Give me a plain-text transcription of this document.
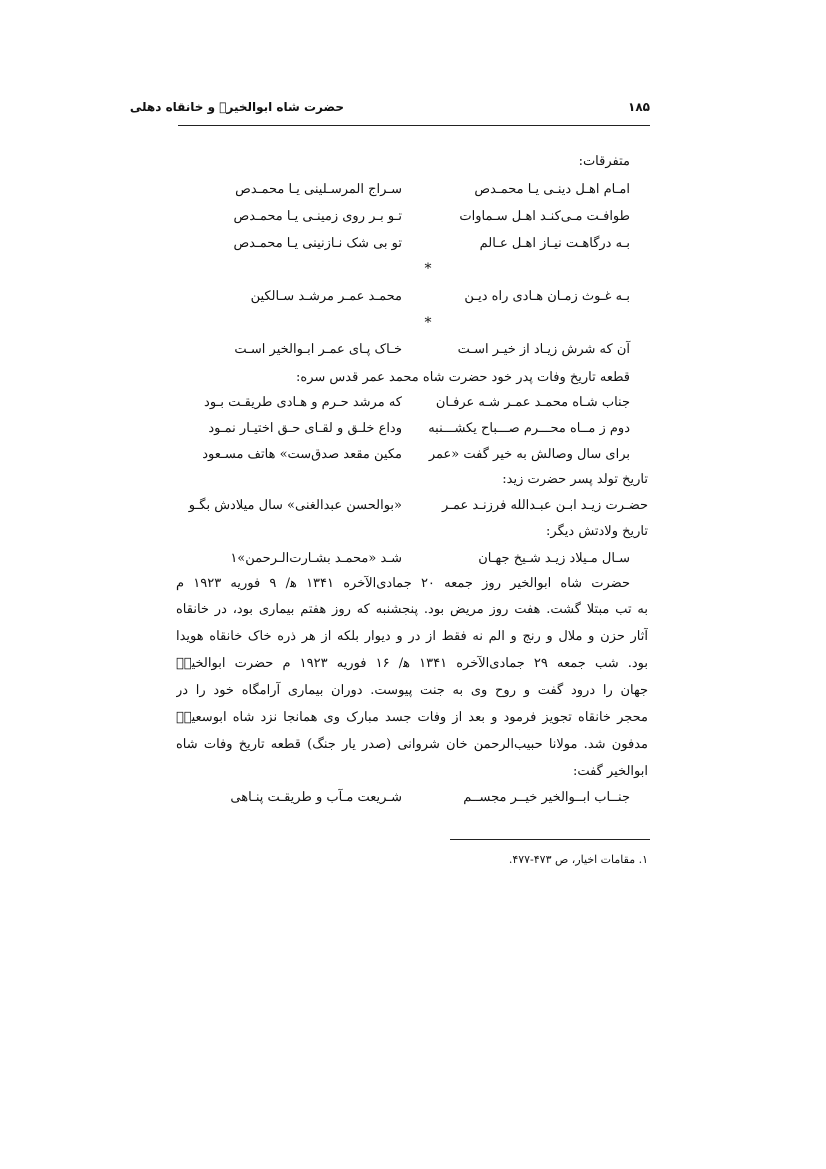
۱۸۵
حضرت شاه ابوالخیرؒ و خانقاه دهلی
متفرقات:
امـام اهـل دینـی یـا محمـدص
سـراج المرسـلینی یـا محمـدص
طوافـت مـی‌کنـد اهـل سـماوات
تـو بـر روی زمینـی یـا محمـدص
بـه درگاهـت نیـاز اهـل عـالم
تو بی شک نـازنینی یـا محمـدص
*
بـه غـوث زمـان هـادی راه دیـن
محمـد عمـر مرشـد سـالکین
*
آن که شرش زیـاد از خیـر اسـت
خـاک پـای عمـر ابـوالخیر اسـت
قطعه تاریخ وفات پدر خود حضرت شاه محمد عمر قدس سره:
جناب شـاه محمـد عمـر شـه عرفـان
که مرشد حـرم و هـادی طریقـت بـود
دوم ز مــاه محـــرم صـــباح یکشـــنبه
وداع خلـق و لقـای حـق اختیـار نمـود
برای سال وصالش به خیر گفت «عمر
مکین مقعد صدق‌ست» هاتف مسـعود
تاریخ تولد پسر حضرت زید:
حضـرت زیـد ابـن عبـدالله فرزنـد عمـر
«بوالحسن عبدالغنی» سال میلادش بگـو
تاریخ ولادتش دیگر:
سـال مـیلاد زیـد شـیخ جهـان
شـد «محمـد بشـارت‌الـرحمن»۱
حضرت شاه ابوالخیر روز جمعه ۲۰ جمادی‌الآخره ۱۳۴۱ ﻫ/ ۹ فوریه ۱۹۲۳ م
به تب مبتلا گشت. هفت روز مریض بود. پنجشنبه که روز هفتم بیماری بود، در خانقاه
آثار حزن و ملال و رنج و الم نه فقط از در و دیوار بلکه از هر ذره خاک خانقاه هویدا
بود. شب جمعه ۲۹ جمادی‌الآخره ۱۳۴۱ ﻫ/ ۱۶ فوریه ۱۹۲۳ م حضرت ابوالخیرؒ
جهان را درود گفت و روح وی به جنت پیوست. دوران بیماری آرامگاه خود را در
محجر خانقاه تجویز فرمود و بعد از وفات جسد مبارک وی همانجا نزد شاه ابوسعیدؒ
مدفون شد. مولانا حبیب‌الرحمن خان شروانی (صدر یار جنگ) قطعه تاریخ وفات شاه
ابوالخیر گفت:
جنــاب ابــوالخیر خیــر مجســم
شـریعت مـآب و طریقـت پنـاهی
۱. مقامات اخیار، ص ۴۷۳-۴۷۷.
